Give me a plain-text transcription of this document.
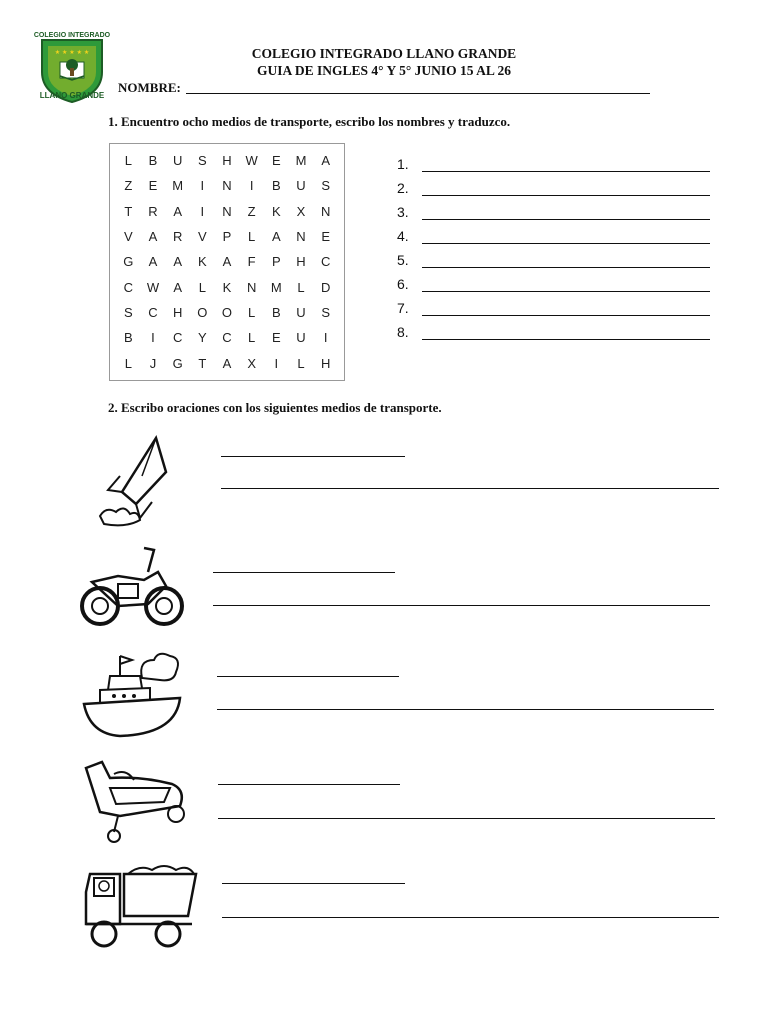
★ ★ ★ ★ ★
COLEGIO INTEGRADO
LLANO GRANDE
COLEGIO INTEGRADO LLANO GRANDE
GUIA DE INGLES 4° Y 5° JUNIO 15 AL 26
NOMBRE:
1. Encuentro ocho medios de transporte, escribo los nombres y traduzco.
L	B	U	S	H	W	E	M	A
Z	E	M	I	N	I	B	U	S
T	R	A	I	N	Z	K	X	N
V	A	R	V	P	L	A	N	E
G	A	A	K	A	F	P	H	C
C	W	A	L	K	N	M	L	D
S	C	H	O	O	L	B	U	S
B	I	C	Y	C	L	E	U	I
L	J	G	T	A	X	I	L	H
1.
2.
3.
4.
5.
6.
7.
8.
2. Escribo oraciones con los siguientes medios de transporte.
